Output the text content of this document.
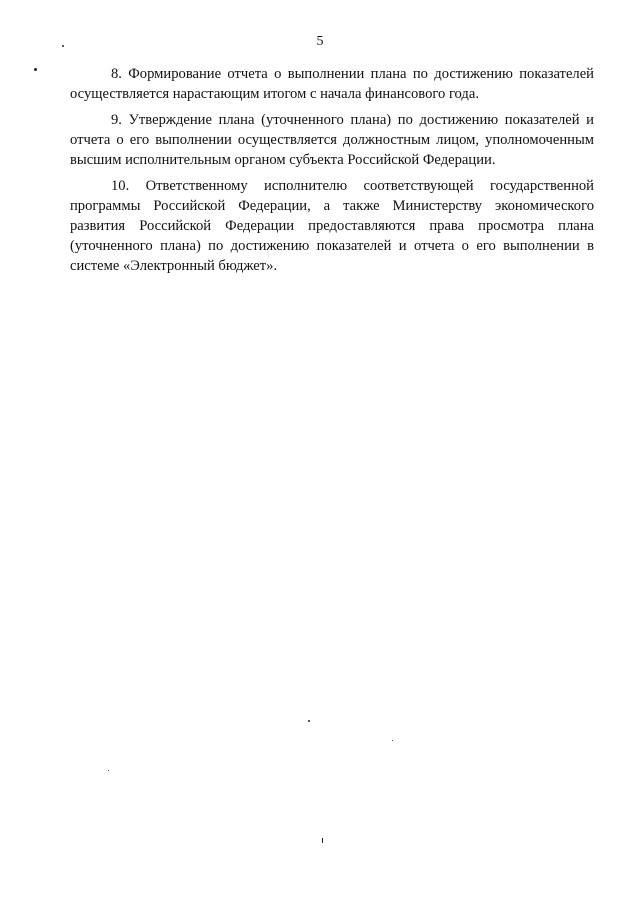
5

8. Формирование отчета о выполнении плана по достижению показателей осуществляется нарастающим итогом с начала финансового года.

9. Утверждение плана (уточненного плана) по достижению показателей и отчета о его выполнении осуществляется должностным лицом, уполномоченным высшим исполнительным органом субъекта Российской Федерации.

10. Ответственному исполнителю соответствующей государственной программы Российской Федерации, а также Министерству экономического развития Российской Федерации предоставляются права просмотра плана (уточненного плана) по достижению показателей и отчета о его выполнении в системе «Электронный бюджет».
